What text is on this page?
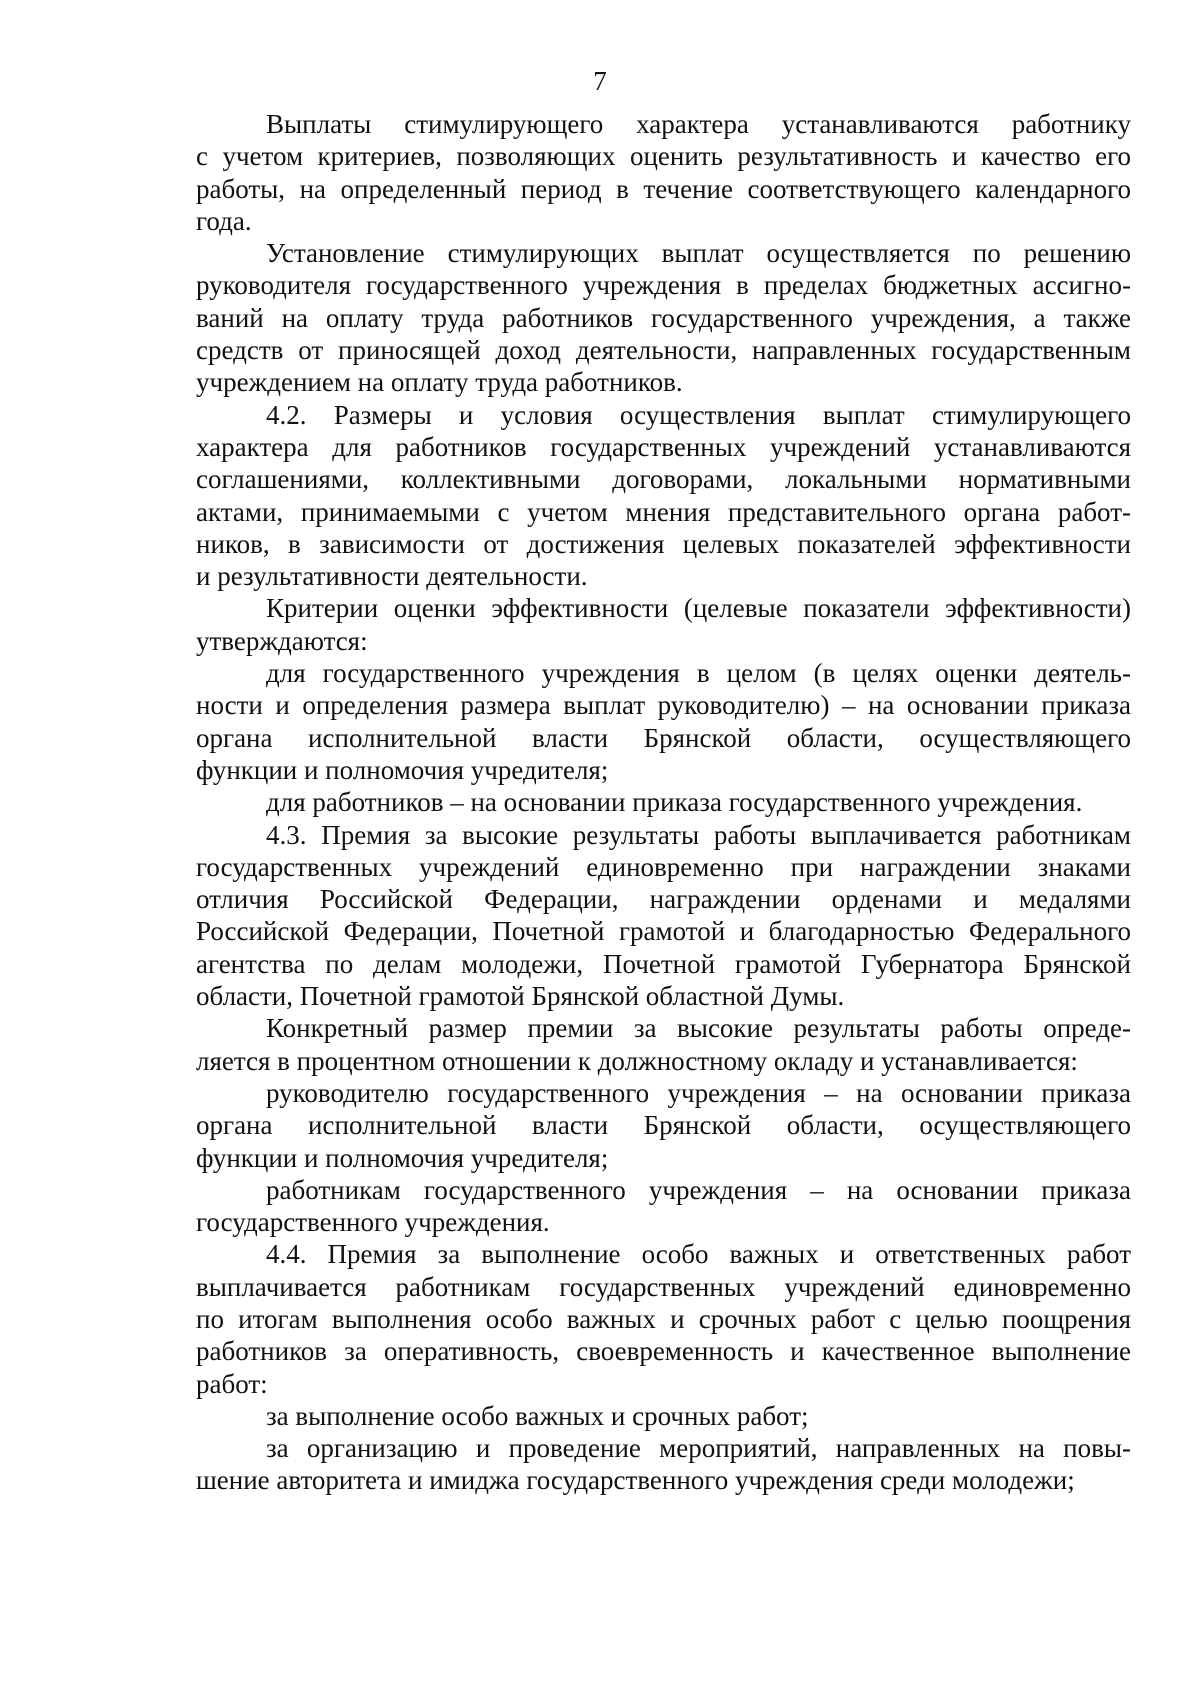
7
Выплаты стимулирующего характера устанавливаются работнику
с учетом критериев, позволяющих оценить результативность и качество его
работы, на определенный период в течение соответствующего календарного
года.
Установление стимулирующих выплат осуществляется по решению
руководителя государственного учреждения в пределах бюджетных ассигно-
ваний на оплату труда работников государственного учреждения, а также
средств от приносящей доход деятельности, направленных государственным
учреждением на оплату труда работников.
4.2. Размеры и условия осуществления выплат стимулирующего
характера для работников государственных учреждений устанавливаются
соглашениями, коллективными договорами, локальными нормативными
актами, принимаемыми с учетом мнения представительного органа работ-
ников, в зависимости от достижения целевых показателей эффективности
и результативности деятельности.
Критерии оценки эффективности (целевые показатели эффективности)
утверждаются:
для государственного учреждения в целом (в целях оценки деятель-
ности и определения размера выплат руководителю) – на основании приказа
органа исполнительной власти Брянской области, осуществляющего
функции и полномочия учредителя;
для работников – на основании приказа государственного учреждения.
4.3. Премия за высокие результаты работы выплачивается работникам
государственных учреждений единовременно при награждении знаками
отличия Российской Федерации, награждении орденами и медалями
Российской Федерации, Почетной грамотой и благодарностью Федерального
агентства по делам молодежи, Почетной грамотой Губернатора Брянской
области, Почетной грамотой Брянской областной Думы.
Конкретный размер премии за высокие результаты работы опреде-
ляется в процентном отношении к должностному окладу и устанавливается:
руководителю государственного учреждения – на основании приказа
органа исполнительной власти Брянской области, осуществляющего
функции и полномочия учредителя;
работникам государственного учреждения – на основании приказа
государственного учреждения.
4.4. Премия за выполнение особо важных и ответственных работ
выплачивается работникам государственных учреждений единовременно
по итогам выполнения особо важных и срочных работ с целью поощрения
работников за оперативность, своевременность и качественное выполнение
работ:
за выполнение особо важных и срочных работ;
за организацию и проведение мероприятий, направленных на повы-
шение авторитета и имиджа государственного учреждения среди молодежи;
